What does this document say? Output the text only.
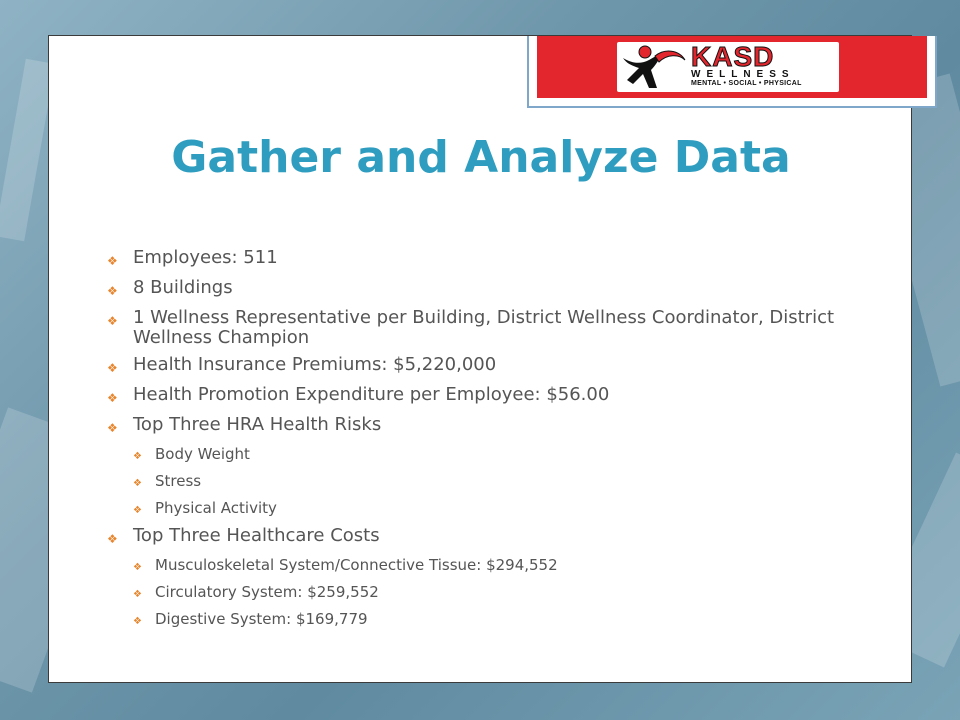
KASD
WELLNESS
MENTAL • SOCIAL • PHYSICAL
Gather and Analyze Data
❖ Employees: 511
❖ 8 Buildings
❖ 1 Wellness Representative per Building, District Wellness Coordinator, District Wellness Champion
❖ Health Insurance Premiums: $5,220,000
❖ Health Promotion Expenditure per Employee: $56.00
❖ Top Three HRA Health Risks
❖ Body Weight
❖ Stress
❖ Physical Activity
❖ Top Three Healthcare Costs
❖ Musculoskeletal System/Connective Tissue: $294,552
❖ Circulatory System: $259,552
❖ Digestive System: $169,779
